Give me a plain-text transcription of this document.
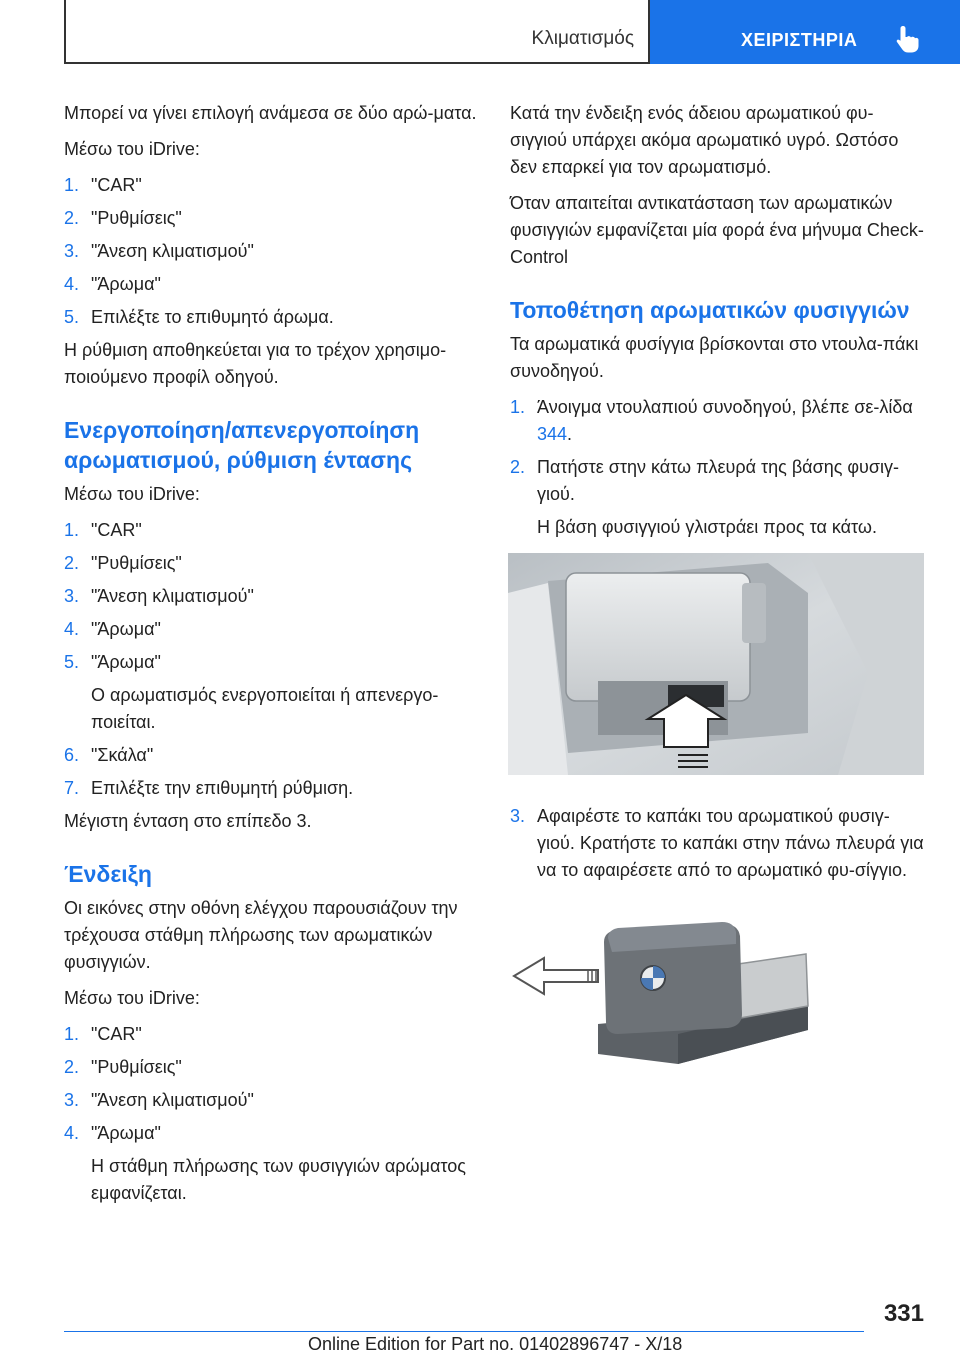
Κλιματισμός	ΧΕΙΡΙΣΤΗΡΙΑ

Μπορεί να γίνει επιλογή ανάμεσα σε δύο αρώ-ματα.

Μέσω του iDrive:

1. "CAR"
2. "Ρυθμίσεις"
3. "Άνεση κλιματισμού"
4. "Άρωμα"
5. Επιλέξτε το επιθυμητό άρωμα.

Η ρύθμιση αποθηκεύεται για το τρέχον χρησιμο-ποιούμενο προφίλ οδηγού.

Ενεργοποίηση/απενεργοποίηση αρωματισμού, ρύθμιση έντασης

Μέσω του iDrive:

1. "CAR"
2. "Ρυθμίσεις"
3. "Άνεση κλιματισμού"
4. "Άρωμα"
5. "Άρωμα"
Ο αρωματισμός ενεργοποιείται ή απενεργο-ποιείται.
6. "Σκάλα"
7. Επιλέξτε την επιθυμητή ρύθμιση.

Μέγιστη ένταση στο επίπεδο 3.

Ένδειξη

Οι εικόνες στην οθόνη ελέγχου παρουσιάζουν την τρέχουσα στάθμη πλήρωσης των αρωματικών φυσιγγιών.

Μέσω του iDrive:

1. "CAR"
2. "Ρυθμίσεις"
3. "Άνεση κλιματισμού"
4. "Άρωμα"
Η στάθμη πλήρωσης των φυσιγγιών αρώματος εμφανίζεται.

Κατά την ένδειξη ενός άδειου αρωματικού φυ-σιγγιού υπάρχει ακόμα αρωματικό υγρό. Ωστόσο δεν επαρκεί για τον αρωματισμό.

Όταν απαιτείται αντικατάσταση των αρωματικών φυσιγγιών εμφανίζεται μία φορά ένα μήνυμα Check-Control

Τοποθέτηση αρωματικών φυσιγγιών

Τα αρωματικά φυσίγγια βρίσκονται στο ντουλα-πάκι συνοδηγού.

1. Άνοιγμα ντουλαπιού συνοδηγού, βλέπε σε-λίδα 344.
2. Πατήστε στην κάτω πλευρά της βάσης φυσιγ-γιού.
Η βάση φυσιγγιού γλιστράει προς τα κάτω.
3. Αφαιρέστε το καπάκι του αρωματικού φυσιγ-γιού. Κρατήστε το καπάκι στην πάνω πλευρά για να το αφαιρέσετε από το αρωματικό φυ-σίγγιο.
331
Online Edition for Part no. 01402896747 - X/18
